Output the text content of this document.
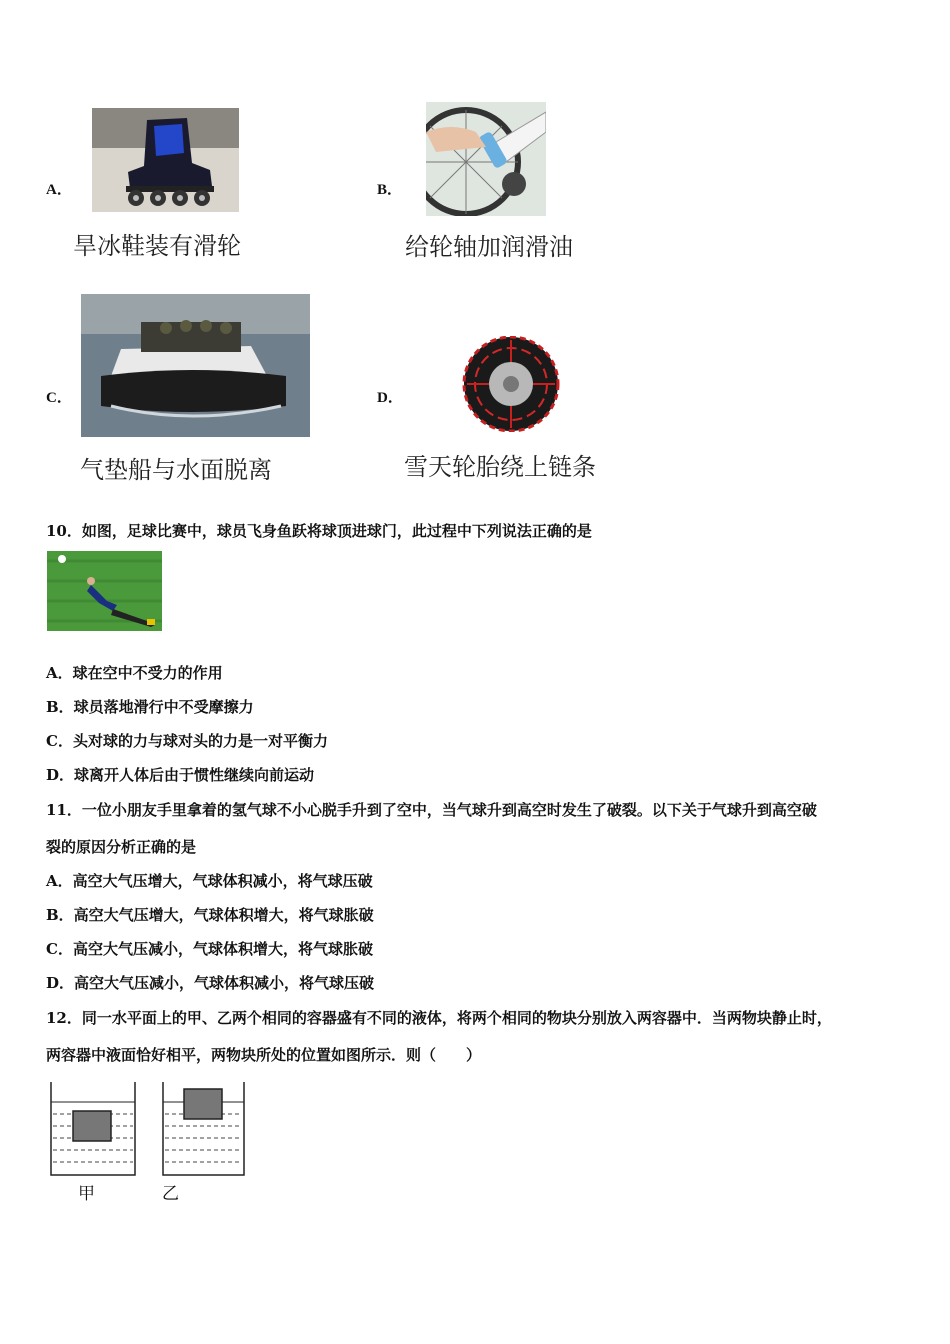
A．
旱冰鞋装有滑轮
B．
给轮轴加润滑油
C．
气垫船与水面脱离
D．
雪天轮胎绕上链条
10．如图，足球比赛中，球员飞身鱼跃将球顶进球门，此过程中下列说法正确的是
A．球在空中不受力的作用
B．球员落地滑行中不受摩擦力
C．头对球的力与球对头的力是一对平衡力
D．球离开人体后由于惯性继续向前运动
11．一位小朋友手里拿着的氢气球不小心脱手升到了空中，当气球升到高空时发生了破裂。以下关于气球升到高空破
裂的原因分析正确的是
A．高空大气压增大，气球体积减小，将气球压破
B．高空大气压增大，气球体积增大，将气球胀破
C．高空大气压减小，气球体积增大，将气球胀破
D．高空大气压减小，气球体积减小，将气球压破
12．同一水平面上的甲、乙两个相同的容器盛有不同的液体，将两个相同的物块分别放入两容器中．当两物块静止时，
两容器中液面恰好相平，两物块所处的位置如图所示．则（　　）
甲	乙
